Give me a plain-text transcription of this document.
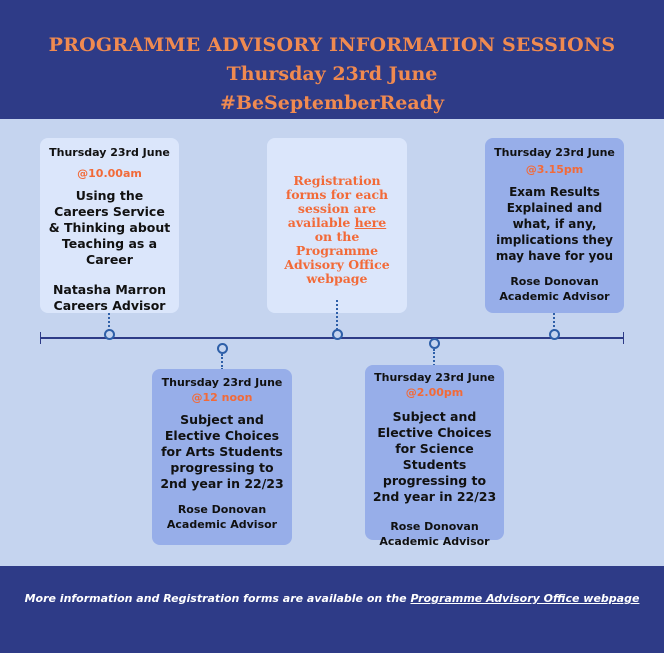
PROGRAMME ADVISORY INFORMATION SESSIONS
Thursday 23rd June
#BeSeptemberReady
Thursday 23rd June
@10.00am
Using the Careers Service & Thinking about Teaching as a Career
Natasha Marron
Careers Advisor
Registration forms for each session are available here on the Programme Advisory Office webpage
Thursday 23rd June
@3.15pm
Exam Results Explained and what, if any, implications they may have for you
Rose Donovan
Academic Advisor
Thursday 23rd June
@12 noon
Subject and Elective Choices for Arts Students progressing to 2nd year in 22/23
Rose Donovan
Academic Advisor
Thursday 23rd June
@2.00pm
Subject and Elective Choices for Science Students progressing to 2nd year in 22/23
Rose Donovan
Academic Advisor
More information and Registration forms are available on the Programme Advisory Office webpage
